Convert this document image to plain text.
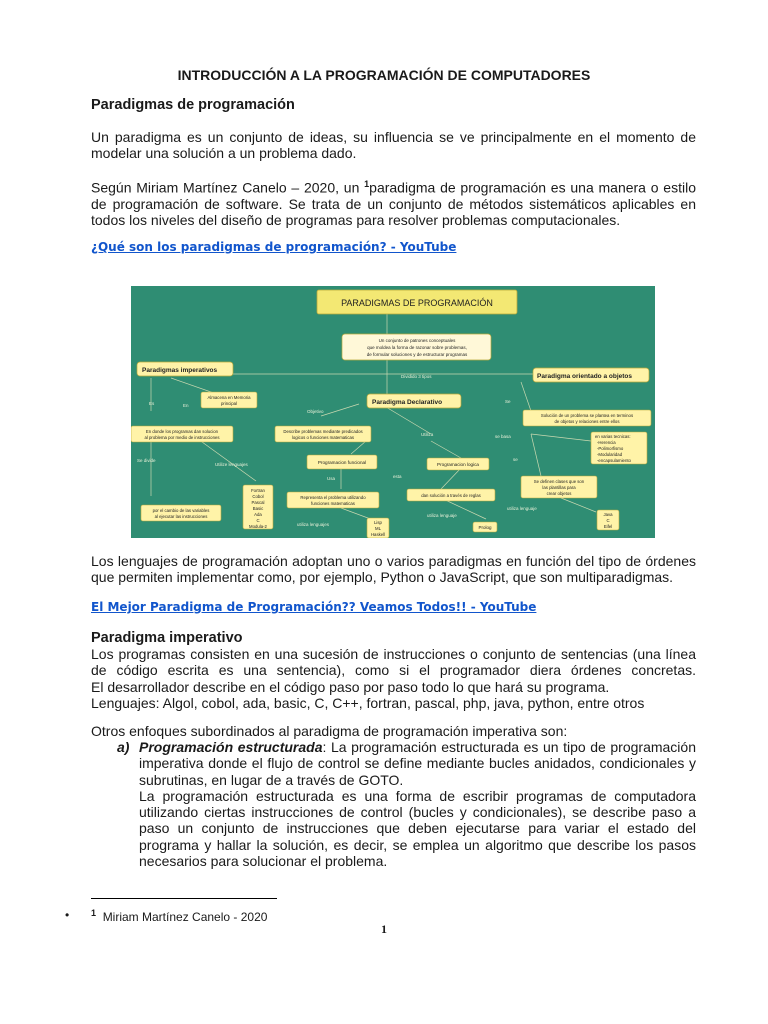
INTRODUCCIÓN A LA PROGRAMACIÓN DE COMPUTADORES
Paradigmas de programación
Un paradigma es un conjunto de ideas, su influencia se ve principalmente en el momento de
modelar una solución a un problema dado.
Según Miriam Martínez Canelo – 2020, un $^1$paradigma de programación es una manera o estilo
de programación de software. Se trata de un conjunto de métodos sistemáticos aplicables en
todos los niveles del diseño de programas para resolver problemas computacionales.
¿Qué son los paradigmas de programación? - YouTube
PARADIGMAS DE PROGRAMACIÓN
Un conjunto de patrones conceptuales
que moldea la forma de razonar sobre problemas,
de formular soluciones y de estructurar programas
Dividido 3 tipos
Paradigmas imperativos
Paradigma Declarativo
Paradigma orientado a objetos
Es	En
Almacena en Memoria
principal
En donde los programas dan solucion
al problema por medio de instrucciones
Se divide
Utilize lenguajes
por el cambio de las variables
al ejecutar las instrucciones
Fortran
Cobol
Pascal
Basic
Ada
C
Modula-2
Objetivo
Describe problemas mediante predicados
logicos o funciones matematicas
Utiliza
Programacion funcional	Programacion logica
Usa	esta
Representa el problema utilizando
funciones matematicas
dan solución a través de reglas
utiliza lenguajes
utiliza lenguaje
Lisp
ML
Haskell
Prolog
Se
Solución de un problema se plantea en terminos
de objetos y relaciones entre ellos
se basa	en varias tecnicas:
-Herencia
-Polimorfismo
-Modularidad
-encapsulamiento
se
Se definen clases que son
las plantillas para
crear objetos
utiliza lenguaje
Java
C
Eifel
Los lenguajes de programación adoptan uno o varios paradigmas en función del tipo de órdenes
que permiten implementar como, por ejemplo, Python o JavaScript, que son multiparadigmas.
El Mejor Paradigma de Programación?? Veamos Todos!! - YouTube
Paradigma imperativo
Los programas consisten en una sucesión de instrucciones o conjunto de sentencias (una línea
de código escrita es una sentencia), como si el programador diera órdenes concretas.
El desarrollador describe en el código paso por paso todo lo que hará su programa.
Lenguajes: Algol, cobol, ada, basic, C, C++, fortran, pascal, php, java, python, entre otros
Otros enfoques subordinados al paradigma de programación imperativa son:
a) Programación estructurada: La programación estructurada es un tipo de programación
imperativa donde el flujo de control se define mediante bucles anidados, condicionales y
subrutinas, en lugar de a través de GOTO.
La programación estructurada es una forma de escribir programas de computadora
utilizando ciertas instrucciones de control (bucles y condicionales), se describe paso a
paso un conjunto de instrucciones que deben ejecutarse para variar el estado del
programa y hallar la solución, es decir, se emplea un algoritmo que describe los pasos
necesarios para solucionar el problema.
• $^1$ Miriam Martínez Canelo - 2020
1
